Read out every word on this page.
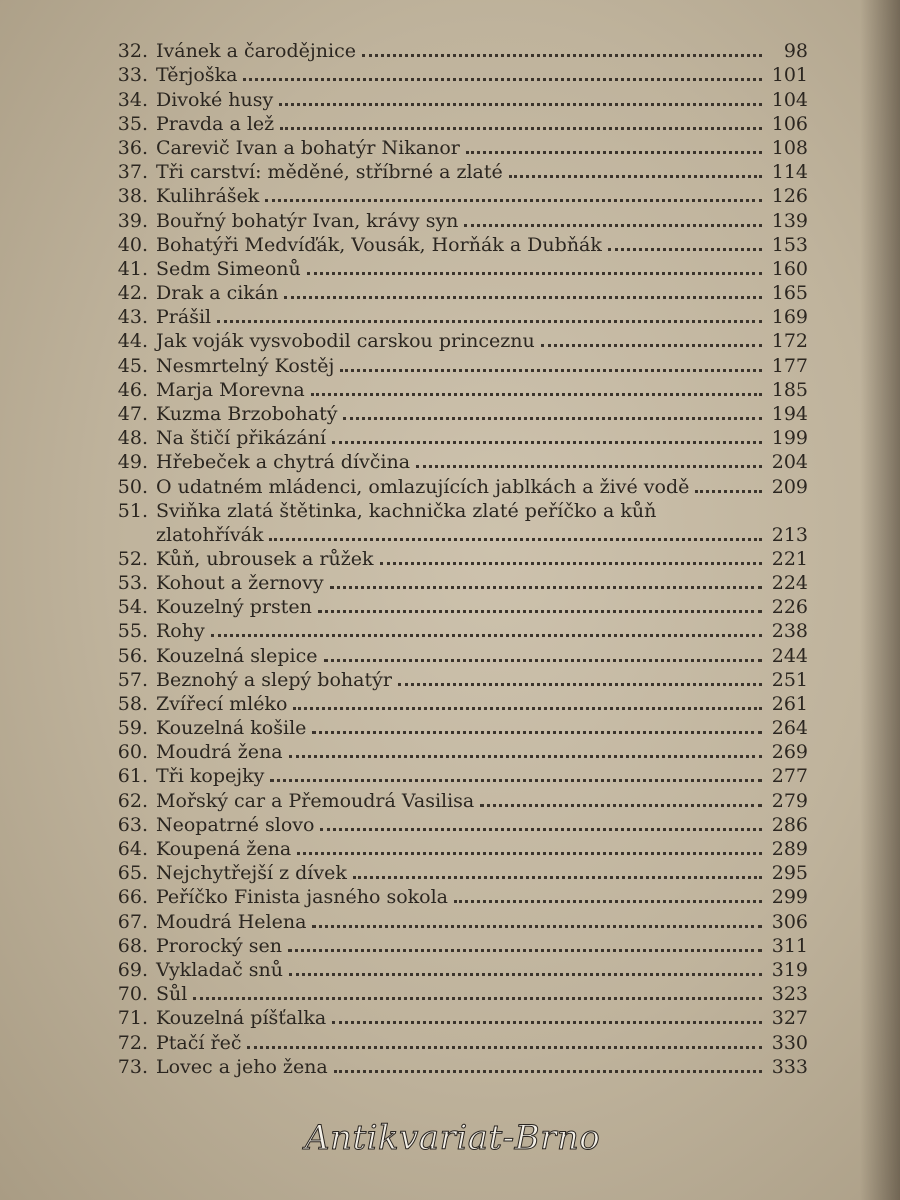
32. Ivánek a čarodějnice	98
33. Těrjoška	101
34. Divoké husy	104
35. Pravda a lež	106
36. Carevič Ivan a bohatýr Nikanor	108
37. Tři carství: měděné, stříbrné a zlaté	114
38. Kulihrášek	126
39. Bouřný bohatýr Ivan, krávy syn	139
40. Bohatýři Medvíďák, Vousák, Horňák a Dubňák	153
41. Sedm Simeonů	160
42. Drak a cikán	165
43. Prášil	169
44. Jak voják vysvobodil carskou princeznu	172
45. Nesmrtelný Kostěj	177
46. Marja Morevna	185
47. Kuzma Brzobohatý	194
48. Na štičí přikázání	199
49. Hřebeček a chytrá dívčina	204
50. O udatném mládenci, omlazujících jablkách a živé vodě	209
51. Sviňka zlatá štětinka, kachnička zlaté peříčko a kůň
zlatohřívák	213
52. Kůň, ubrousek a růžek	221
53. Kohout a žernovy	224
54. Kouzelný prsten	226
55. Rohy	238
56. Kouzelná slepice	244
57. Beznohý a slepý bohatýr	251
58. Zvířecí mléko	261
59. Kouzelná košile	264
60. Moudrá žena	269
61. Tři kopejky	277
62. Mořský car a Přemoudrá Vasilisa	279
63. Neopatrné slovo	286
64. Koupená žena	289
65. Nejchytřejší z dívek	295
66. Peříčko Finista jasného sokola	299
67. Moudrá Helena	306
68. Prorocký sen	311
69. Vykladač snů	319
70. Sůl	323
71. Kouzelná píšťalka	327
72. Ptačí řeč	330
73. Lovec a jeho žena	333
Antikvariat-Brno
